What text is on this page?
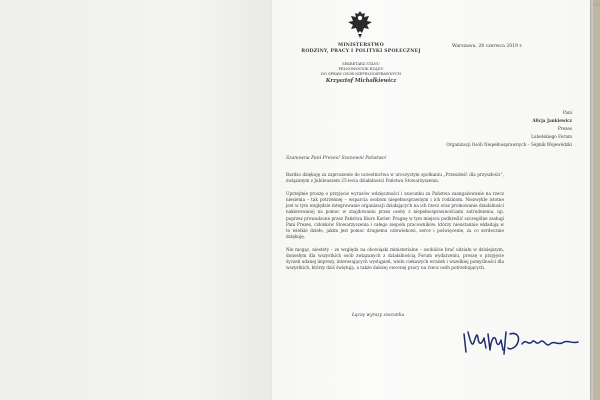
MINISTERSTWO
RODZINY, PRACY I POLITYKI SPOŁECZNEJ
SEKRETARZ STANU
PEŁNOMOCNIK RZĄDU
DO SPRAW OSÓB NIEPEŁNOSPRAWNYCH
Krzysztof Michałkiewicz
Warszawa, 28 czerwca 2019 r.
Pani
Alicja Jankiewicz
Prezes
Lubelskiego Forum
Organizacji Osób Niepełnosprawnych – Sejmik Wojewódzki
Szanowna Pani Prezes! Szanowni Państwo!

Bardzo dziękuję za zaproszenie do uczestnictwa w uroczystym spotkaniu „Przeszłość dla przyszłości”, związanym z Jubileuszem 25-lecia działalności Państwa Stowarzyszenia.

Uprzejmie proszę o przyjęcie wyrazów wdzięczności i szacunku za Państwa zaangażowanie na rzecz niesienia – tak potrzebnej – wsparcia osobom niepełnosprawnym i ich rodzinom. Niezwykle istotne jest w tym względzie integrowanie organizacji działających na ich rzecz oraz promowanie działalności nakierowanej na pomoc w znajdowaniu przez osoby z niepełnosprawnościami zatrudnienia, np. poprzez prowadzone przez Państwa Biuro Karier. Pragnę w tym miejscu podkreślić szczególne zasługi Pani Prezes, członków Stowarzyszenia i całego zespołu pracowników, którzy nieustannie wkładają w to wielkie dzieło, jakim jest pomoc drugiemu człowiekowi, serce i poświęcenie, za co serdecznie dziękuję.

Nie mogąc, niestety – ze względu na obowiązki ministerialne – osobiście brać udziału w dzisiejszym, donosłym dla wszystkich osób związanych z działalnością Forum wydarzeniu, proszę o przyjęcie życzeń udanej imprezy, interesujących wystąpień, wielu ciekawych wrażeń i wszelkiej pomyślności dla wszystkich, którzy dziś świętują, a także dalszej owocnej pracy na rzecz osób potrzebujących.

Łączę wyrazy szacunku
